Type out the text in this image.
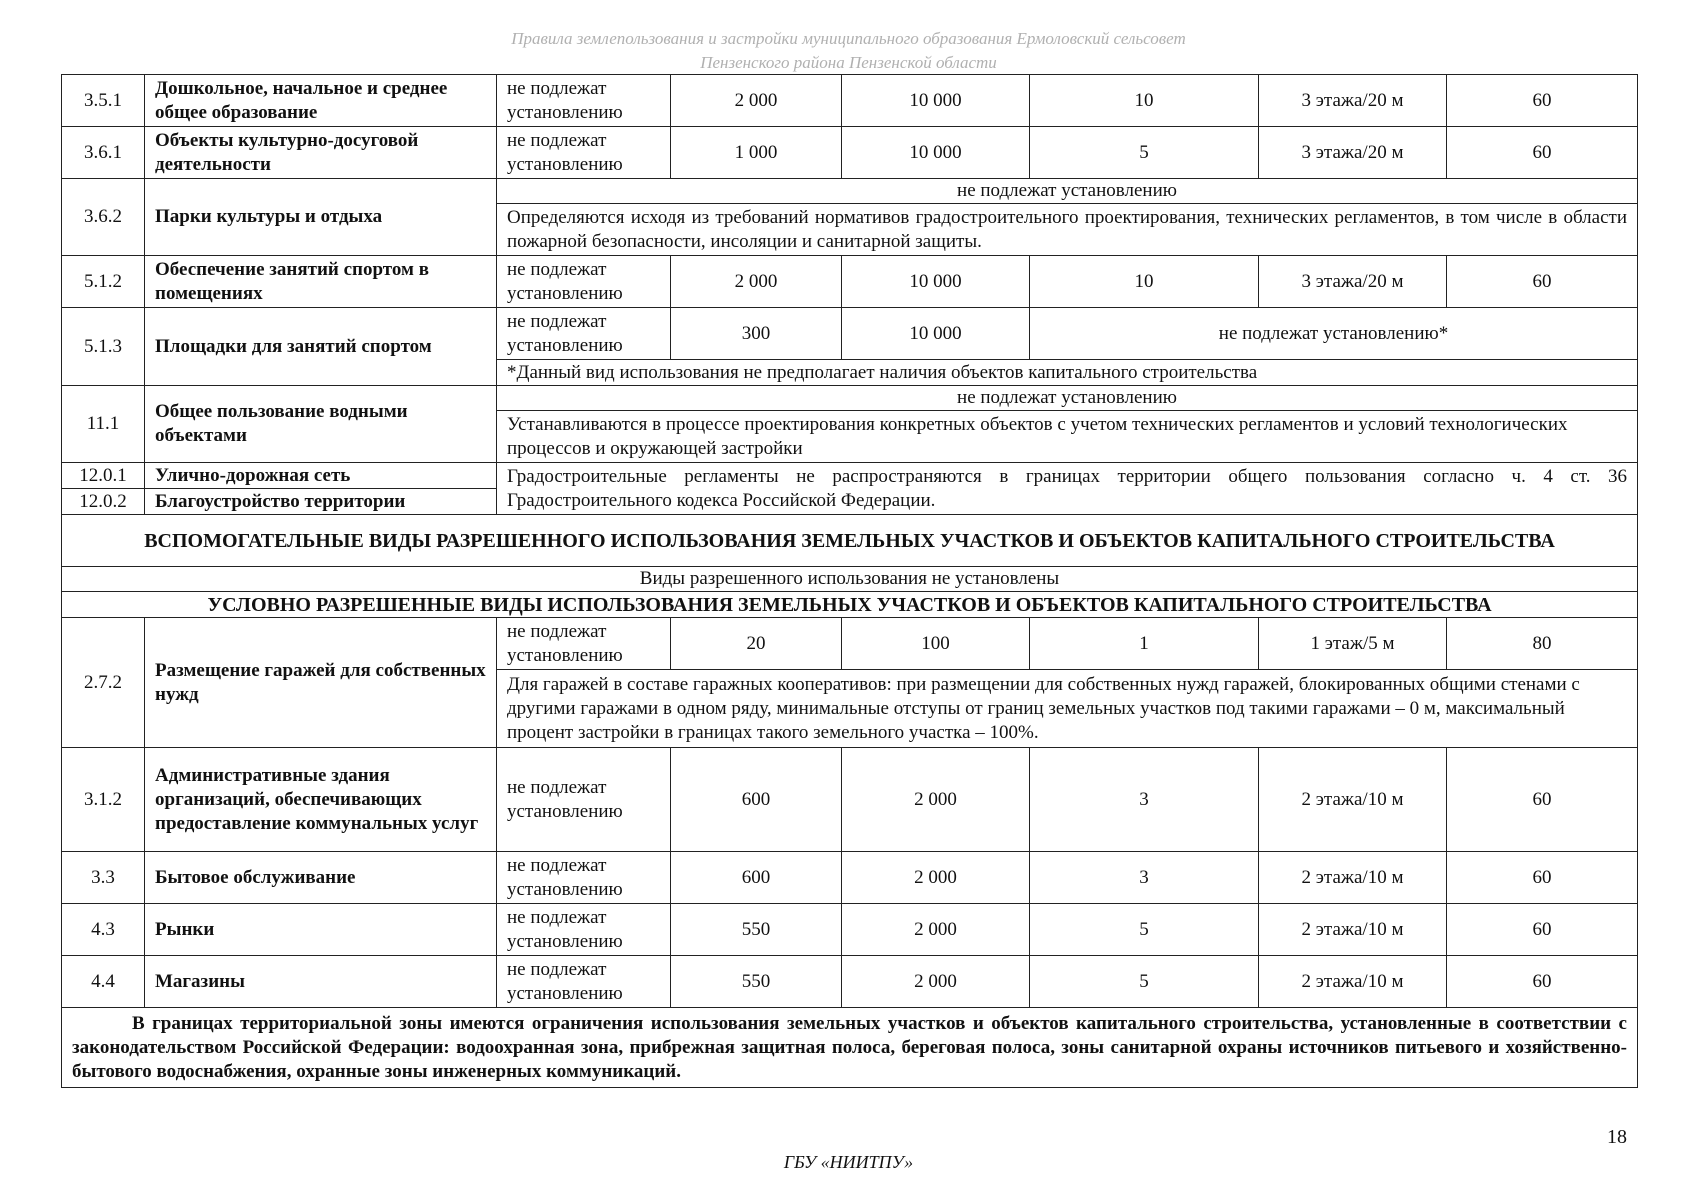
Правила землепользования и застройки муниципального образования Ермоловский сельсовет
Пензенского района Пензенской области
3.5.1	Дошкольное, начальное и среднее общее образование	не подлежат установлению	2 000	10 000	10	3 этажа/20 м	60
3.6.1	Объекты культурно-досуговой деятельности	не подлежат установлению	1 000	10 000	5	3 этажа/20 м	60
3.6.2	Парки культуры и отдыха	не подлежат установлению					
		Определяются исходя из требований нормативов градостроительного проектирования, технических регламентов, в том числе в области пожарной безопасности, инсоляции и санитарной защиты.					
5.1.2	Обеспечение занятий спортом в помещениях	не подлежат установлению	2 000	10 000	10	3 этажа/20 м	60
5.1.3	Площадки для занятий спортом	не подлежат установлению	300	10 000	не подлежат установлению*		
		*Данный вид использования не предполагает наличия объектов капитального строительства					
11.1	Общее пользование водными объектами	не подлежат установлению					
		Устанавливаются в процессе проектирования конкретных объектов с учетом технических регламентов и условий технологических процессов и окружающей застройки					
12.0.1	Улично-дорожная сеть	Градостроительные регламенты не распространяются в границах территории общего пользования согласно ч. 4 ст. 36 Градостроительного кодекса Российской Федерации.					
12.0.2	Благоустройство территории						
ВСПОМОГАТЕЛЬНЫЕ ВИДЫ РАЗРЕШЕННОГО ИСПОЛЬЗОВАНИЯ ЗЕМЕЛЬНЫХ УЧАСТКОВ И ОБЪЕКТОВ КАПИТАЛЬНОГО СТРОИТЕЛЬСТВА							
Виды разрешенного использования не установлены							
УСЛОВНО РАЗРЕШЕННЫЕ ВИДЫ ИСПОЛЬЗОВАНИЯ ЗЕМЕЛЬНЫХ УЧАСТКОВ И ОБЪЕКТОВ КАПИТАЛЬНОГО СТРОИТЕЛЬСТВА							
2.7.2	Размещение гаражей для собственных нужд	не подлежат установлению	20	100	1	1 этаж/5 м	80
		Для гаражей в составе гаражных кооперативов: при размещении для собственных нужд гаражей, блокированных общими стенами с другими гаражами в одном ряду, минимальные отступы от границ земельных участков под такими гаражами – 0 м, максимальный процент застройки в границах такого земельного участка – 100%.					
3.1.2	Административные здания организаций, обеспечивающих предоставление коммунальных услуг	не подлежат установлению	600	2 000	3	2 этажа/10 м	60
3.3	Бытовое обслуживание	не подлежат установлению	600	2 000	3	2 этажа/10 м	60
4.3	Рынки	не подлежат установлению	550	2 000	5	2 этажа/10 м	60
4.4	Магазины	не подлежат установлению	550	2 000	5	2 этажа/10 м	60
В границах территориальной зоны имеются ограничения использования земельных участков и объектов капитального строительства, установленные в соответствии с законодательством Российской Федерации: водоохранная зона, прибрежная защитная полоса, береговая полоса, зоны санитарной охраны источников питьевого и хозяйственно-бытового водоснабжения, охранные зоны инженерных коммуникаций.							
18
ГБУ «НИИТПУ»
